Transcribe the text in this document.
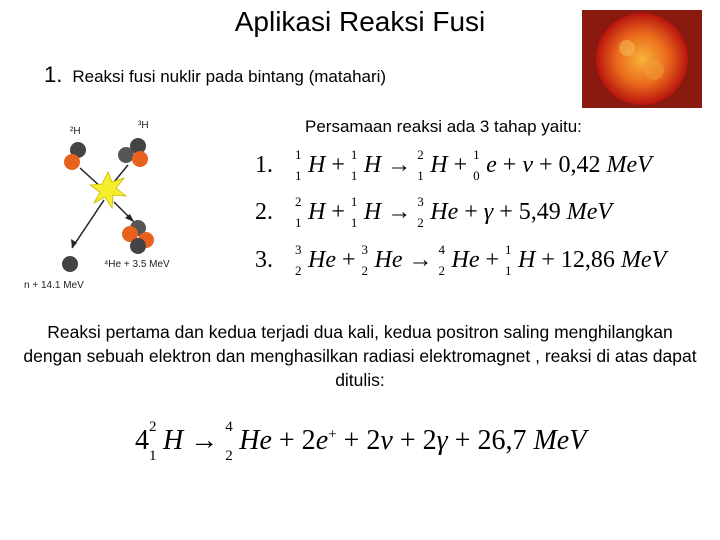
Aplikasi Reaksi Fusi
1. Reaksi fusi nuklir pada bintang (matahari)
²H
³H
⁴He + 3.5 MeV
n + 14.1 MeV
Persamaan reaksi ada 3 tahap yaitu:
1. 1
1 H + 1
1 H → 2
1 H + 1
0 e + ν + 0,42 MeV
2. 2
1 H + 1
1 H → 3
2 He + γ + 5,49 MeV
3. 3
2 He + 3
2 He → 4
2 He + 1
1 H + 12,86 MeV
Reaksi pertama dan kedua terjadi dua kali, kedua positron saling menghilangkan dengan sebuah elektron dan menghasilkan radiasi elektromagnet , reaksi di atas dapat ditulis:
4 2
1 H → 4
2 He + 2e+ + 2ν + 2γ + 26,7 MeV
